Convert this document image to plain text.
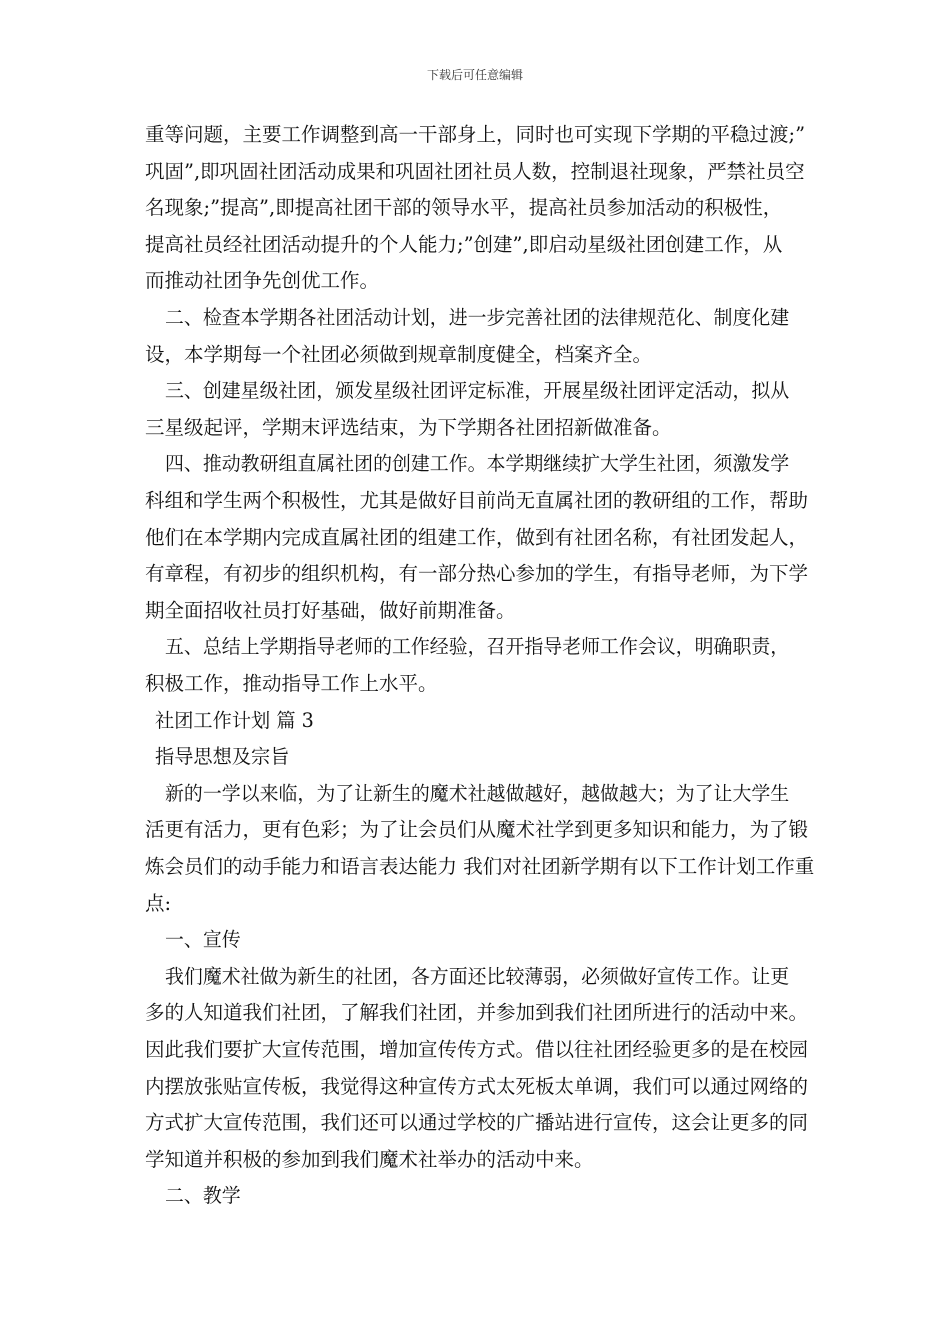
下载后可任意编辑
重等问题，主要工作调整到高一干部身上，同时也可实现下学期的平稳过渡;”
巩固”,即巩固社团活动成果和巩固社团社员人数，控制退社现象，严禁社员空
名现象;”提高”,即提高社团干部的领导水平，提高社员参加活动的积极性，
提高社员经社团活动提升的个人能力;”创建”,即启动星级社团创建工作，从
而推动社团争先创优工作。
二、检查本学期各社团活动计划，进一步完善社团的法律规范化、制度化建
设，本学期每一个社团必须做到规章制度健全，档案齐全。
三、创建星级社团，颁发星级社团评定标准，开展星级社团评定活动，拟从
三星级起评，学期末评选结束，为下学期各社团招新做准备。
四、推动教研组直属社团的创建工作。本学期继续扩大学生社团，须激发学
科组和学生两个积极性，尤其是做好目前尚无直属社团的教研组的工作，帮助
他们在本学期内完成直属社团的组建工作，做到有社团名称，有社团发起人，
有章程，有初步的组织机构，有一部分热心参加的学生，有指导老师，为下学
期全面招收社员打好基础，做好前期准备。
五、总结上学期指导老师的工作经验，召开指导老师工作会议，明确职责，
积极工作，推动指导工作上水平。
社团工作计划 篇 3
指导思想及宗旨
新的一学以来临，为了让新生的魔术社越做越好，越做越大；为了让大学生
活更有活力，更有色彩；为了让会员们从魔术社学到更多知识和能力，为了锻
炼会员们的动手能力和语言表达能力 我们对社团新学期有以下工作计划工作重
点:
一、宣传
我们魔术社做为新生的社团，各方面还比较薄弱，必须做好宣传工作。让更
多的人知道我们社团，了解我们社团，并参加到我们社团所进行的活动中来。
因此我们要扩大宣传范围，增加宣传传方式。借以往社团经验更多的是在校园
内摆放张贴宣传板，我觉得这种宣传方式太死板太单调，我们可以通过网络的
方式扩大宣传范围，我们还可以通过学校的广播站进行宣传，这会让更多的同
学知道并积极的参加到我们魔术社举办的活动中来。
二、教学
